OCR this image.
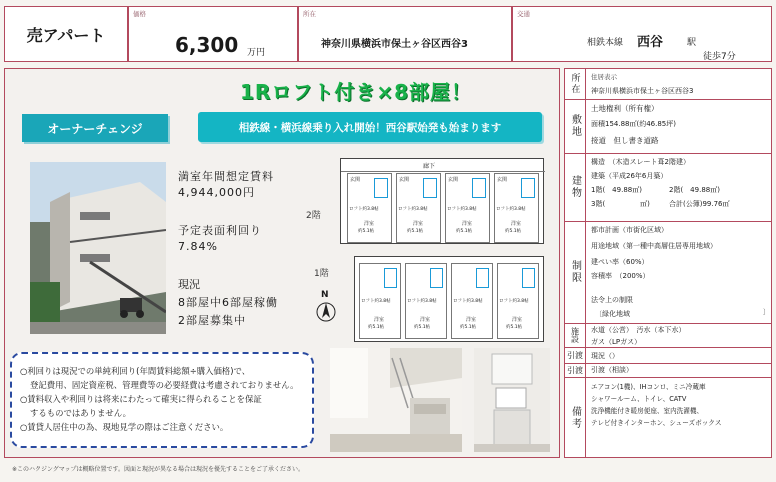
売アパート
価格
6,300 万円
所在
神奈川県横浜市保土ヶ谷区西谷3
交通
相鉄本線 西谷	駅
徒歩7分
1Rロフト付き×8部屋！
オーナーチェンジ	相鉄線・横浜線乗り入れ開始！西谷駅始発も始まります
満室年間想定賃料
4,944,000円
予定表面利回り
7.84%
現況
8部屋中6部屋稼働
2部屋募集中
2階
1階
廊下
玄関
ロフト約3.8帖
洋室
約5.1帖
玄関
ロフト約3.8帖
洋室
約5.1帖
玄関
ロフト約3.8帖
洋室
約5.1帖
玄関
ロフト約3.8帖
洋室
約5.1帖
ロフト約3.8帖
洋室
約5.1帖
ロフト約3.8帖
洋室
約5.1帖
ロフト約3.8帖
洋室
約5.1帖
ロフト約3.8帖
洋室
約5.1帖
N
○利回りは現況での単純利回り(年間賃料総額÷購入価格)で、
登記費用、固定資産税、管理費等の必要経費は考慮されておりません。
○賃料収入や利回りは将来にわたって確実に得られることを保証
するものではありません。
○賃貸人居住中の為、現地見学の際はご注意ください。
所在	住居表示
神奈川県横浜市保土ヶ谷区西谷3
敷地
土地権利（所有権）
面積154.88㎡(約46.85坪)
接道　但し書き道路
建物
構造　（木造スレート葺2階建）
建築（平成26年6月築）
1階(　49.88㎡)	2階(　49.88㎡)
3階(　　　　　㎡)	合計(公簿)99.76㎡
制限
都市計画（市街化区域）
用途地域（第一種中高層住居専用地域）
建ぺい率（60%）
容積率　（200%）
法令上の制限
〔緑化地域	〕
施設	水道（公営）　汚水（本下水）
ガス（LPガス）
引渡 現況（）
引渡 引渡（相談）
備考
エアコン(1機)、IHコンロ、ミニ冷蔵庫
シャワールーム、トイレ、CATV
洗浄機能付き暖房便座、室内洗濯機、
テレビ付きインターホン、シューズボックス
※このハクジングマップは概略位置です。図面と現況が異なる場合は現況を優先することをご了承ください。
